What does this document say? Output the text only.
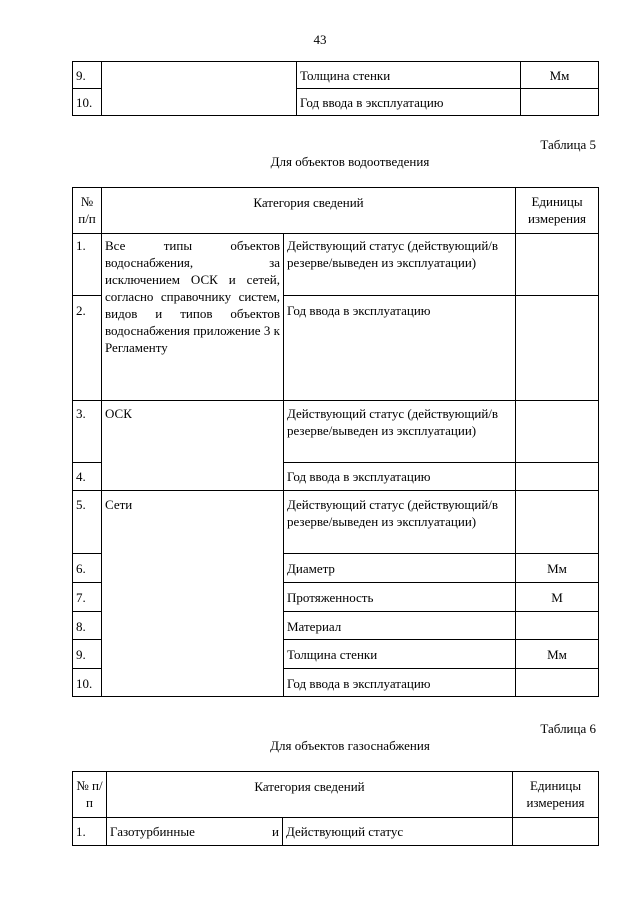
43
9.		Толщина стенки	Мм
10.		Год ввода в эксплуатацию	
Таблица 5
Для объектов водоотведения
№ п/п	Категория сведений		Единицы измерения
1.	Все типы объектов водоснабжения, за исключением ОСК и сетей, согласно справочнику систем, видов и типов объектов водоснабжения приложение 3 к Регламенту	Действующий статус (действующий/в резерве/выведен из эксплуатации)	
2.		Год ввода в эксплуатацию	
3.	ОСК	Действующий статус (действующий/в резерве/выведен из эксплуатации)	
4.		Год ввода в эксплуатацию	
5.	Сети	Действующий статус (действующий/в резерве/выведен из эксплуатации)	
6.		Диаметр	Мм
7.		Протяженность	М
8.		Материал	
9.		Толщина стенки	Мм
10.		Год ввода в эксплуатацию	
Таблица 6
Для объектов газоснабжения
№ п/п	Категория сведений		Единицы измерения
1.	Газотурбинные и	Действующий статус	
